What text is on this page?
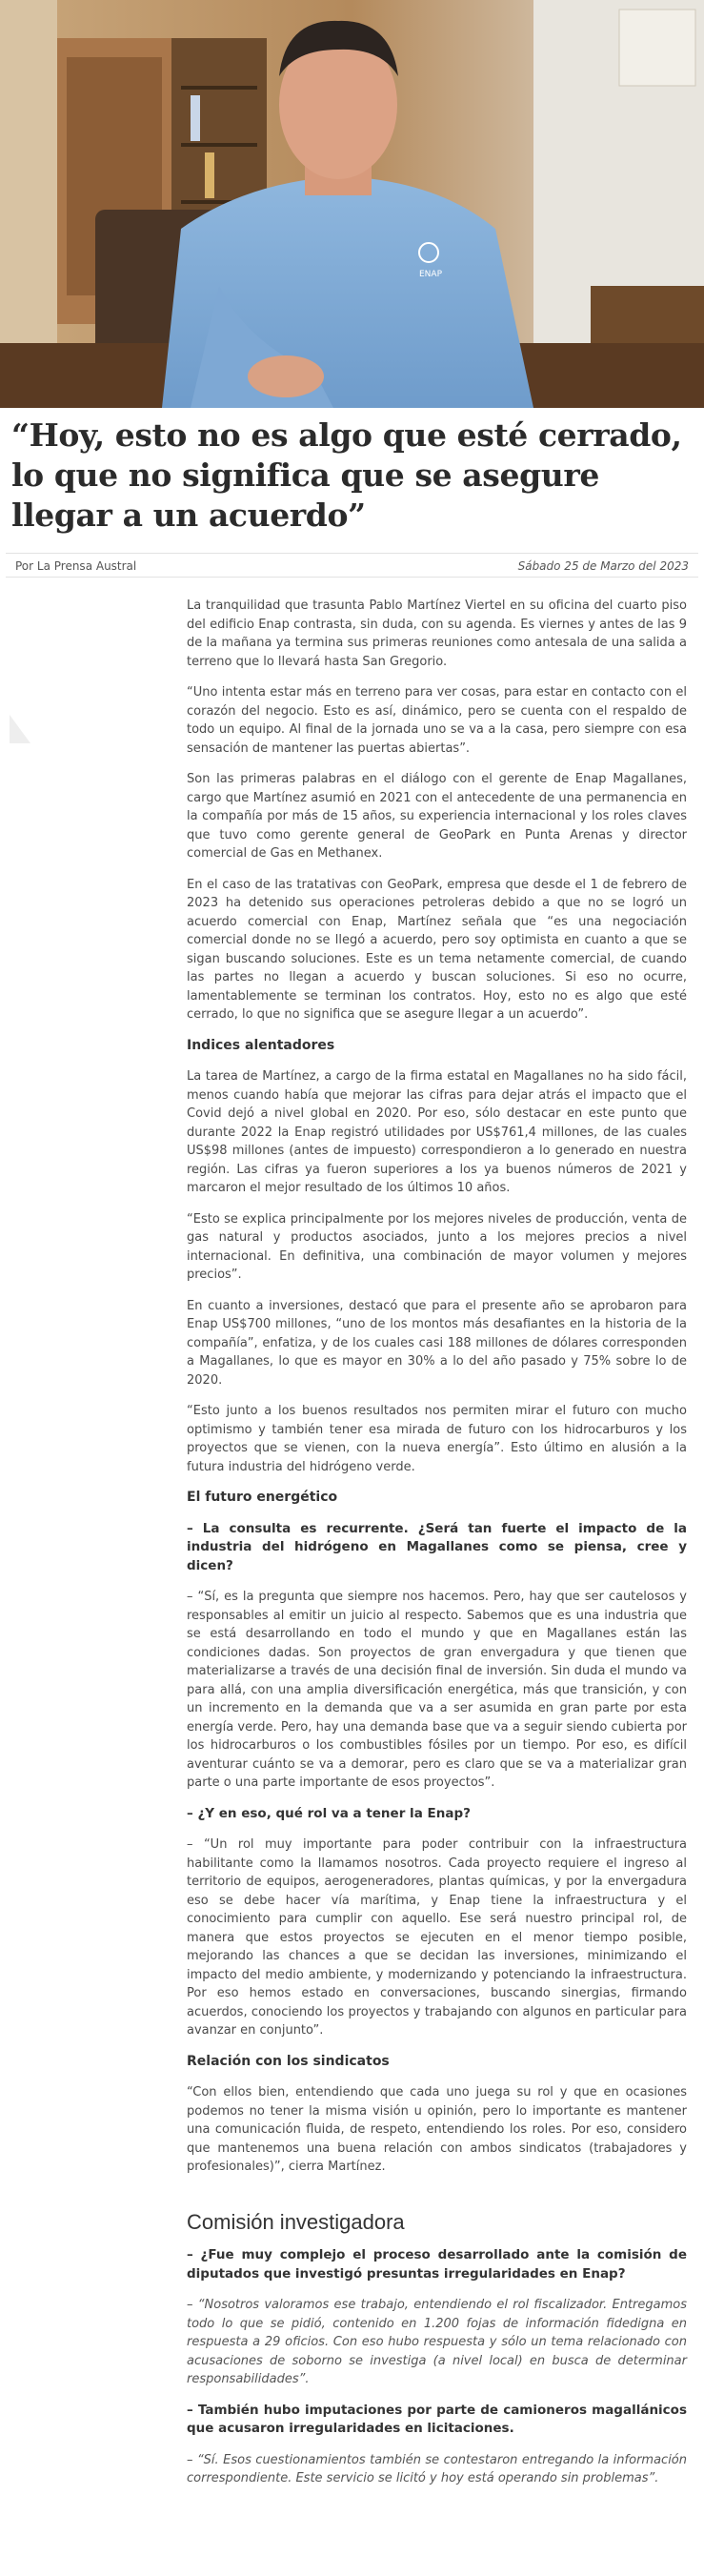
ENAP
“Hoy, esto no es algo que esté cerrado, lo que no significa que se asegure llegar a un acuerdo”
Por La Prensa Austral	Sábado 25 de Marzo del 2023

La tranquilidad que trasunta Pablo Martínez Viertel en su oficina del cuarto piso del edificio Enap contrasta, sin duda, con su agenda. Es viernes y antes de las 9 de la mañana ya termina sus primeras reuniones como antesala de una salida a terreno que lo llevará hasta San Gregorio.

“Uno intenta estar más en terreno para ver cosas, para estar en contacto con el corazón del negocio. Esto es así, dinámico, pero se cuenta con el respaldo de todo un equipo. Al final de la jornada uno se va a la casa, pero siempre con esa sensación de mantener las puertas abiertas”.

Son las primeras palabras en el diálogo con el gerente de Enap Magallanes, cargo que Martínez asumió en 2021 con el antecedente de una permanencia en la compañía por más de 15 años, su experiencia internacional y los roles claves que tuvo como gerente general de GeoPark en Punta Arenas y director comercial de Gas en Methanex.

En el caso de las tratativas con GeoPark, empresa que desde el 1 de febrero de 2023 ha detenido sus operaciones petroleras debido a que no se logró un acuerdo comercial con Enap, Martínez señala que “es una negociación comercial donde no se llegó a acuerdo, pero soy optimista en cuanto a que se sigan buscando soluciones. Este es un tema netamente comercial, de cuando las partes no llegan a acuerdo y buscan soluciones. Si eso no ocurre, lamentablemente se terminan los contratos. Hoy, esto no es algo que esté cerrado, lo que no significa que se asegure llegar a un acuerdo”.

Indices alentadores

La tarea de Martínez, a cargo de la firma estatal en Magallanes no ha sido fácil, menos cuando había que mejorar las cifras para dejar atrás el impacto que el Covid dejó a nivel global en 2020. Por eso, sólo destacar en este punto que durante 2022 la Enap registró utilidades por US$761,4 millones, de las cuales US$98 millones (antes de impuesto) correspondieron a lo generado en nuestra región. Las cifras ya fueron superiores a los ya buenos números de 2021 y marcaron el mejor resultado de los últimos 10 años.

“Esto se explica principalmente por los mejores niveles de producción, venta de gas natural y productos asociados, junto a los mejores precios a nivel internacional. En definitiva, una combinación de mayor volumen y mejores precios”.

En cuanto a inversiones, destacó que para el presente año se aprobaron para Enap US$700 millones, “uno de los montos más desafiantes en la historia de la compañía”, enfatiza, y de los cuales casi 188 millones de dólares corresponden a Magallanes, lo que es mayor en 30% a lo del año pasado y 75% sobre lo de 2020.

“Esto junto a los buenos resultados nos permiten mirar el futuro con mucho optimismo y también tener esa mirada de futuro con los hidrocarburos y los proyectos que se vienen, con la nueva energía”. Esto último en alusión a la futura industria del hidrógeno verde.

El futuro energético

– La consulta es recurrente. ¿Será tan fuerte el impacto de la industria del hidrógeno en Magallanes como se piensa, cree y dicen?

– “Sí, es la pregunta que siempre nos hacemos. Pero, hay que ser cautelosos y responsables al emitir un juicio al respecto. Sabemos que es una industria que se está desarrollando en todo el mundo y que en Magallanes están las condiciones dadas. Son proyectos de gran envergadura y que tienen que materializarse a través de una decisión final de inversión. Sin duda el mundo va para allá, con una amplia diversificación energética, más que transición, y con un incremento en la demanda que va a ser asumida en gran parte por esta energía verde. Pero, hay una demanda base que va a seguir siendo cubierta por los hidrocarburos o los combustibles fósiles por un tiempo. Por eso, es difícil aventurar cuánto se va a demorar, pero es claro que se va a materializar gran parte o una parte importante de esos proyectos”.

– ¿Y en eso, qué rol va a tener la Enap?

– “Un rol muy importante para poder contribuir con la infraestructura habilitante como la llamamos nosotros. Cada proyecto requiere el ingreso al territorio de equipos, aerogeneradores, plantas químicas, y por la envergadura eso se debe hacer vía marítima, y Enap tiene la infraestructura y el conocimiento para cumplir con aquello. Ese será nuestro principal rol, de manera que estos proyectos se ejecuten en el menor tiempo posible, mejorando las chances a que se decidan las inversiones, minimizando el impacto del medio ambiente, y modernizando y potenciando la infraestructura. Por eso hemos estado en conversaciones, buscando sinergias, firmando acuerdos, conociendo los proyectos y trabajando con algunos en particular para avanzar en conjunto”.

Relación con los sindicatos

“Con ellos bien, entendiendo que cada uno juega su rol y que en ocasiones podemos no tener la misma visión u opinión, pero lo importante es mantener una comunicación fluida, de respeto, entendiendo los roles. Por eso, considero que mantenemos una buena relación con ambos sindicatos (trabajadores y profesionales)”, cierra Martínez.

Comisión investigadora

– ¿Fue muy complejo el proceso desarrollado ante la comisión de diputados que investigó presuntas irregularidades en Enap?

– “Nosotros valoramos ese trabajo, entendiendo el rol fiscalizador. Entregamos todo lo que se pidió, contenido en 1.200 fojas de información fidedigna en respuesta a 29 oficios. Con eso hubo respuesta y sólo un tema relacionado con acusaciones de soborno se investiga (a nivel local) en busca de determinar responsabilidades”.

– También hubo imputaciones por parte de camioneros magallánicos que acusaron irregularidades en licitaciones.

– “Sí. Esos cuestionamientos también se contestaron entregando la información correspondiente. Este servicio se licitó y hoy está operando sin problemas”.
